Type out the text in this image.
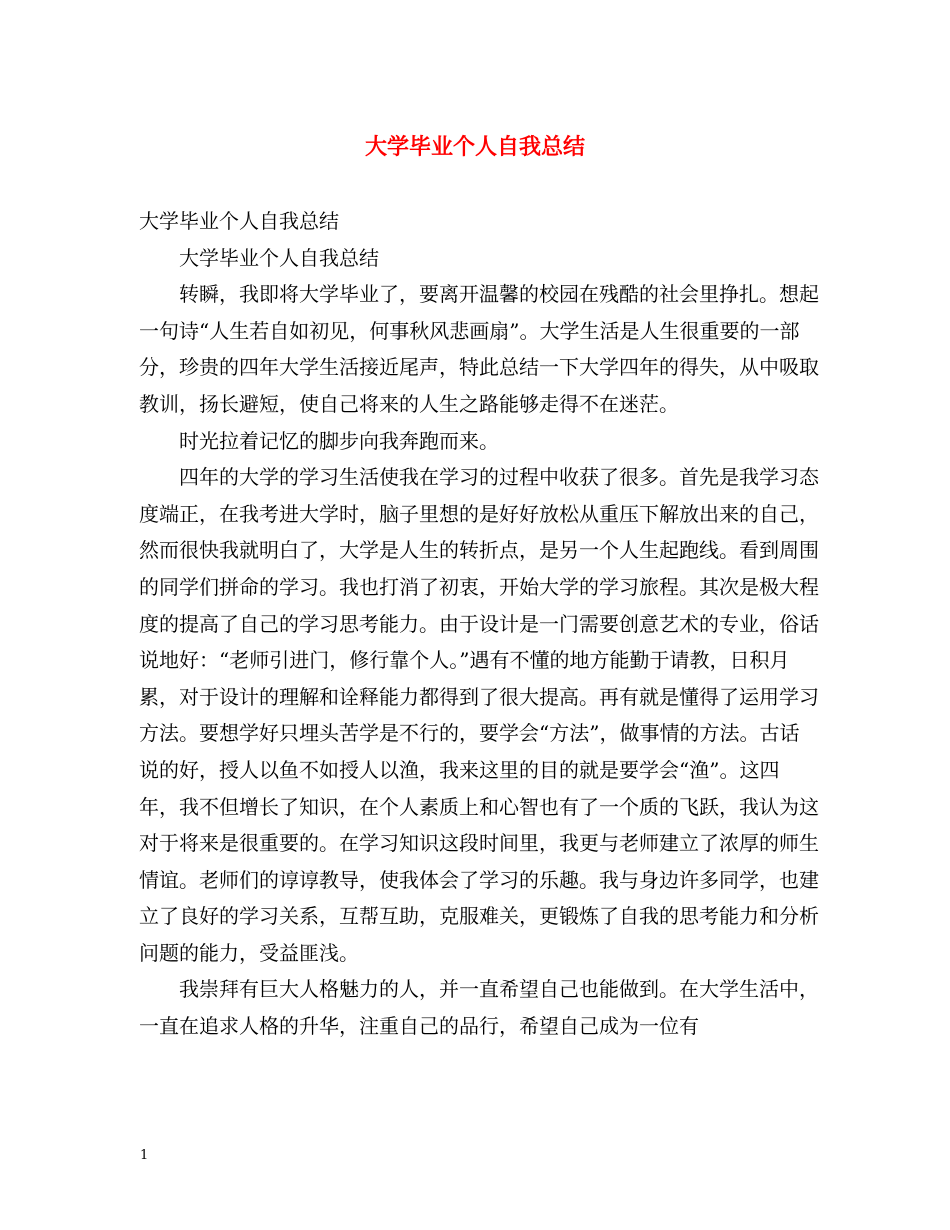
大学毕业个人自我总结

大学毕业个人自我总结

大学毕业个人自我总结

转瞬，我即将大学毕业了，要离开温馨的校园在残酷的社会里挣扎。想起一句诗“人生若自如初见，何事秋风悲画扇”。大学生活是人生很重要的一部分，珍贵的四年大学生活接近尾声，特此总结一下大学四年的得失，从中吸取教训，扬长避短，使自己将来的人生之路能够走得不在迷茫。

时光拉着记忆的脚步向我奔跑而来。

四年的大学的学习生活使我在学习的过程中收获了很多。首先是我学习态度端正，在我考进大学时，脑子里想的是好好放松从重压下解放出来的自己，然而很快我就明白了，大学是人生的转折点，是另一个人生起跑线。看到周围的同学们拼命的学习。我也打消了初衷，开始大学的学习旅程。其次是极大程度的提高了自己的学习思考能力。由于设计是一门需要创意艺术的专业，俗话说地好：“老师引进门，修行靠个人。”遇有不懂的地方能勤于请教，日积月累，对于设计的理解和诠释能力都得到了很大提高。再有就是懂得了运用学习方法。要想学好只埋头苦学是不行的，要学会“方法”，做事情的方法。古话说的好，授人以鱼不如授人以渔，我来这里的目的就是要学会“渔”。这四年，我不但增长了知识，在个人素质上和心智也有了一个质的飞跃，我认为这对于将来是很重要的。在学习知识这段时间里，我更与老师建立了浓厚的师生情谊。老师们的谆谆教导，使我体会了学习的乐趣。我与身边许多同学，也建立了良好的学习关系，互帮互助，克服难关，更锻炼了自我的思考能力和分析问题的能力，受益匪浅。

我崇拜有巨大人格魅力的人，并一直希望自己也能做到。在大学生活中，一直在追求人格的升华，注重自己的品行，希望自己成为一位有

1
